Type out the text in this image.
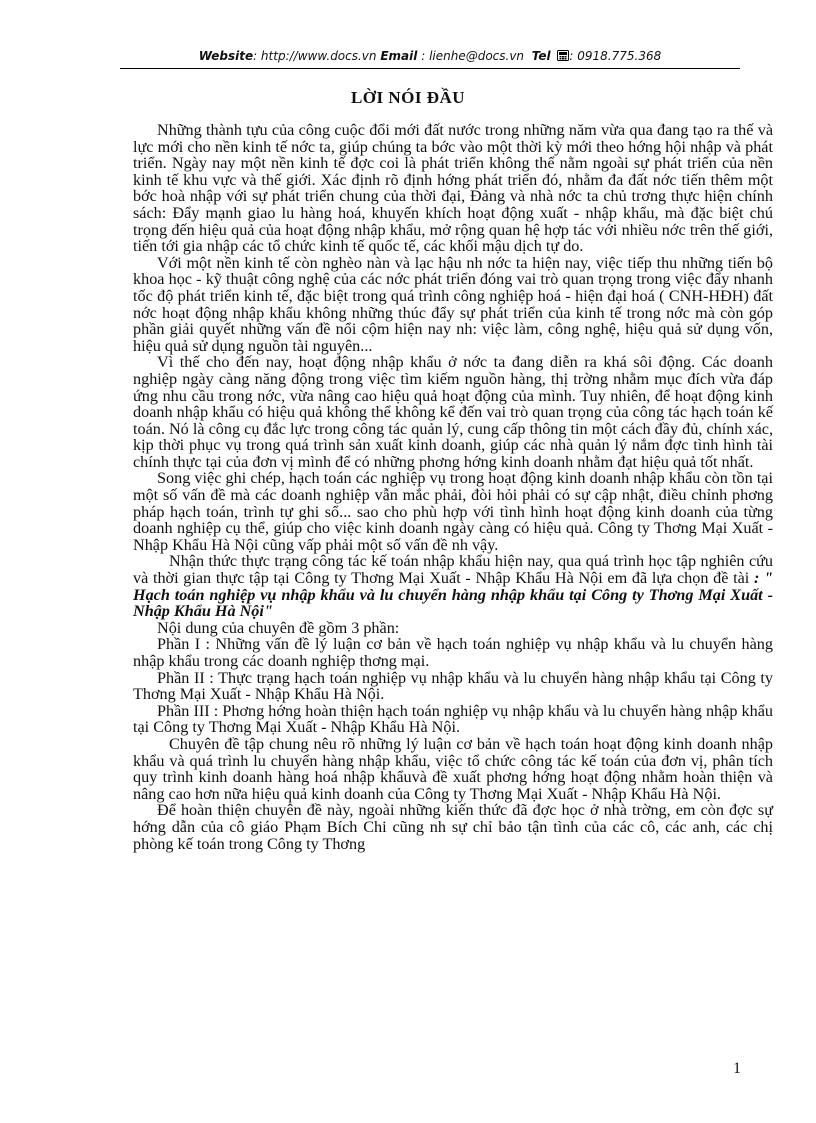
Website: http://www.docs.vn Email : lienhe@docs.vn Tel : 0918.775.368
LỜI NÓI ĐẦU

Những thành tựu của công cuộc đổi mới đất nước trong những năm vừa qua đang tạo ra thế và lực mới cho nền kinh tế nớc ta, giúp chúng ta bớc vào một thời kỳ mới theo hớng hội nhập và phát triển. Ngày nay một nền kinh tế đợc coi là phát triển không thể nằm ngoài sự phát triển của nền kinh tế khu vực và thế giới. Xác định rõ định hớng phát triển đó, nhằm đa đất nớc tiến thêm một bớc hoà nhập với sự phát triển chung của thời đại, Đảng và nhà nớc ta chủ trơng thực hiện chính sách: Đẩy mạnh giao lu hàng hoá, khuyến khích hoạt động xuất - nhập khẩu, mà đặc biệt chú trọng đến hiệu quả của hoạt động nhập khẩu, mở rộng quan hệ hợp tác với nhiều nớc trên thế giới, tiến tới gia nhập các tổ chức kinh tế quốc tế, các khối mậu dịch tự do.

Với một nền kinh tế còn nghèo nàn và lạc hậu nh nớc ta hiện nay, việc tiếp thu những tiến bộ khoa học - kỹ thuật công nghệ của các nớc phát triển đóng vai trò quan trọng trong việc đẩy nhanh tốc độ phát triển kinh tế, đặc biệt trong quá trình công nghiệp hoá - hiện đại hoá ( CNH-HĐH) đất nớc hoạt động nhập khẩu không những thúc đẩy sự phát triển của kinh tế trong nớc mà còn góp phần giải quyết những vấn đề nổi cộm hiện nay nh: việc làm, công nghệ, hiệu quả sử dụng vốn, hiệu quả sử dụng nguồn tài nguyên...

Vì thế cho đến nay, hoạt động nhập khẩu ở nớc ta đang diễn ra khá sôi động. Các doanh nghiệp ngày càng năng động trong việc tìm kiếm nguồn hàng, thị trờng nhằm mục đích vừa đáp ứng nhu cầu trong nớc, vừa nâng cao hiệu quả hoạt động của mình. Tuy nhiên, để hoạt động kinh doanh nhập khẩu có hiệu quả không thể không kể đến vai trò quan trọng của công tác hạch toán kế toán. Nó là công cụ đắc lực trong công tác quản lý, cung cấp thông tin một cách đầy đủ, chính xác, kịp thời phục vụ trong quá trình sản xuất kinh doanh, giúp các nhà quản lý nắm đợc tình hình tài chính thực tại của đơn vị mình để có những phơng hớng kinh doanh nhằm đạt hiệu quả tốt nhất.

Song việc ghi chép, hạch toán các nghiệp vụ trong hoạt động kinh doanh nhập khẩu còn tồn tại một số vấn đề mà các doanh nghiệp vẫn mắc phải, đòi hỏi phải có sự cập nhật, điều chỉnh phơng pháp hạch toán, trình tự ghi sổ... sao cho phù hợp với tình hình hoạt động kinh doanh của từng doanh nghiệp cụ thể, giúp cho việc kinh doanh ngày càng có hiệu quả. Công ty Thơng Mại Xuất - Nhập Khẩu Hà Nội cũng vấp phải một số vấn đề nh vậy.

Nhận thức thực trạng công tác kế toán nhập khẩu hiện nay, qua quá trình học tập nghiên cứu và thời gian thực tập tại Công ty Thơng Mại Xuất - Nhập Khẩu Hà Nội em đã lựa chọn đề tài : " Hạch toán nghiệp vụ nhập khẩu và lu chuyển hàng nhập khẩu tại Công ty Thơng Mại Xuất - Nhập Khẩu Hà Nội"

Nội dung của chuyên đề gồm 3 phần:

Phần I : Những vấn đề lý luận cơ bản về hạch toán nghiệp vụ nhập khẩu và lu chuyển hàng nhập khẩu trong các doanh nghiệp thơng mại.

Phần II : Thực trạng hạch toán nghiệp vụ nhập khẩu và lu chuyển hàng nhập khẩu tại Công ty Thơng Mại Xuất - Nhập Khẩu Hà Nội.

Phần III : Phơng hớng hoàn thiện hạch toán nghiệp vụ nhập khẩu và lu chuyển hàng nhập khẩu tại Công ty Thơng Mại Xuất - Nhập Khẩu Hà Nội.

Chuyên đề tập chung nêu rõ những lý luận cơ bản về hạch toán hoạt động kinh doanh nhập khẩu và quá trình lu chuyển hàng nhập khẩu, việc tổ chức công tác kế toán của đơn vị, phân tích quy trình kinh doanh hàng hoá nhập khẩuvà đề xuất phơng hớng hoạt động nhằm hoàn thiện và nâng cao hơn nữa hiệu quả kinh doanh của Công ty Thơng Mại Xuất - Nhập Khẩu Hà Nội.

Để hoàn thiện chuyên đề này, ngoài những kiến thức đã đợc học ở nhà trờng, em còn đợc sự hớng dẫn của cô giáo Phạm Bích Chi cũng nh sự chỉ bảo tận tình của các cô, các anh, các chị phòng kế toán trong Công ty Thơng

1
